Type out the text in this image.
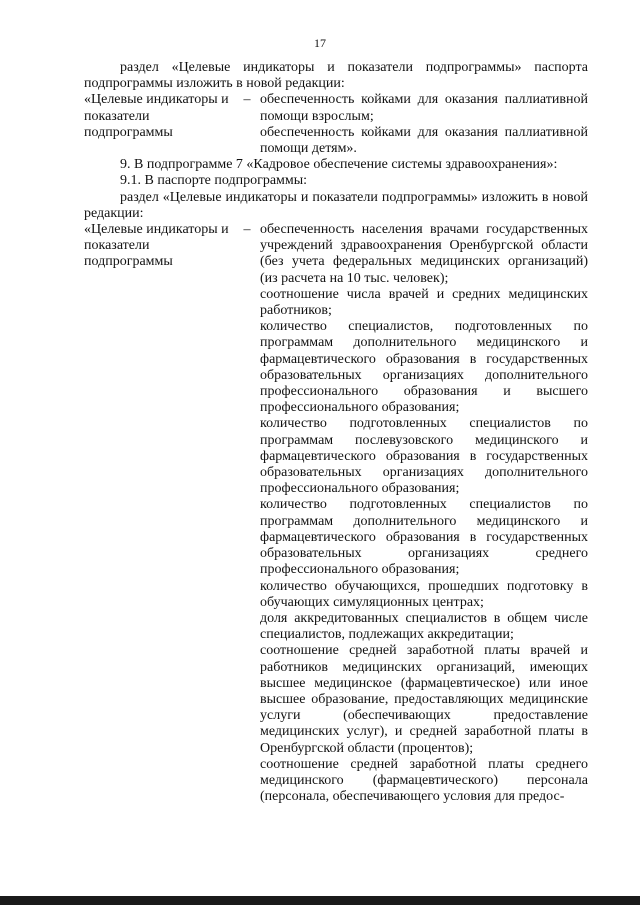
17

раздел «Целевые индикаторы и показатели подпрограммы» паспорта подпрограммы изложить в новой редакции:

«Целевые индикаторы и показатели подпрограммы
– обеспеченность койками для оказания паллиативной помощи взрослым;
обеспеченность койками для оказания паллиативной помощи детям».

9. В подпрограмме 7 «Кадровое обеспечение системы здравоохранения»:

9.1. В паспорте подпрограммы:

раздел «Целевые индикаторы и показатели подпрограммы» изложить в новой редакции:

«Целевые индикаторы и показатели подпрограммы
– обеспеченность населения врачами государственных учреждений здравоохранения Оренбургской области (без учета федеральных медицинских организаций) (из расчета на 10 тыс. человек);
соотношение числа врачей и средних медицинских работников;
количество специалистов, подготовленных по программам дополнительного медицинского и фармацевтического образования в государственных образовательных организациях дополнительного профессионального образования и высшего профессионального образования;
количество подготовленных специалистов по программам послевузовского медицинского и фармацевтического образования в государственных образовательных организациях дополнительного профессионального образования;
количество подготовленных специалистов по программам дополнительного медицинского и фармацевтического образования в государственных образовательных организациях среднего профессионального образования;
количество обучающихся, прошедших подготовку в обучающих симуляционных центрах;
доля аккредитованных специалистов в общем числе специалистов, подлежащих аккредитации;
соотношение средней заработной платы врачей и работников медицинских организаций, имеющих высшее медицинское (фармацевтическое) или иное высшее образование, предоставляющих медицинские услуги (обеспечивающих предоставление медицинских услуг), и средней заработной платы в Оренбургской области (процентов);
соотношение средней заработной платы среднего медицинского (фармацевтического) персонала (персонала, обеспечивающего условия для предос-
